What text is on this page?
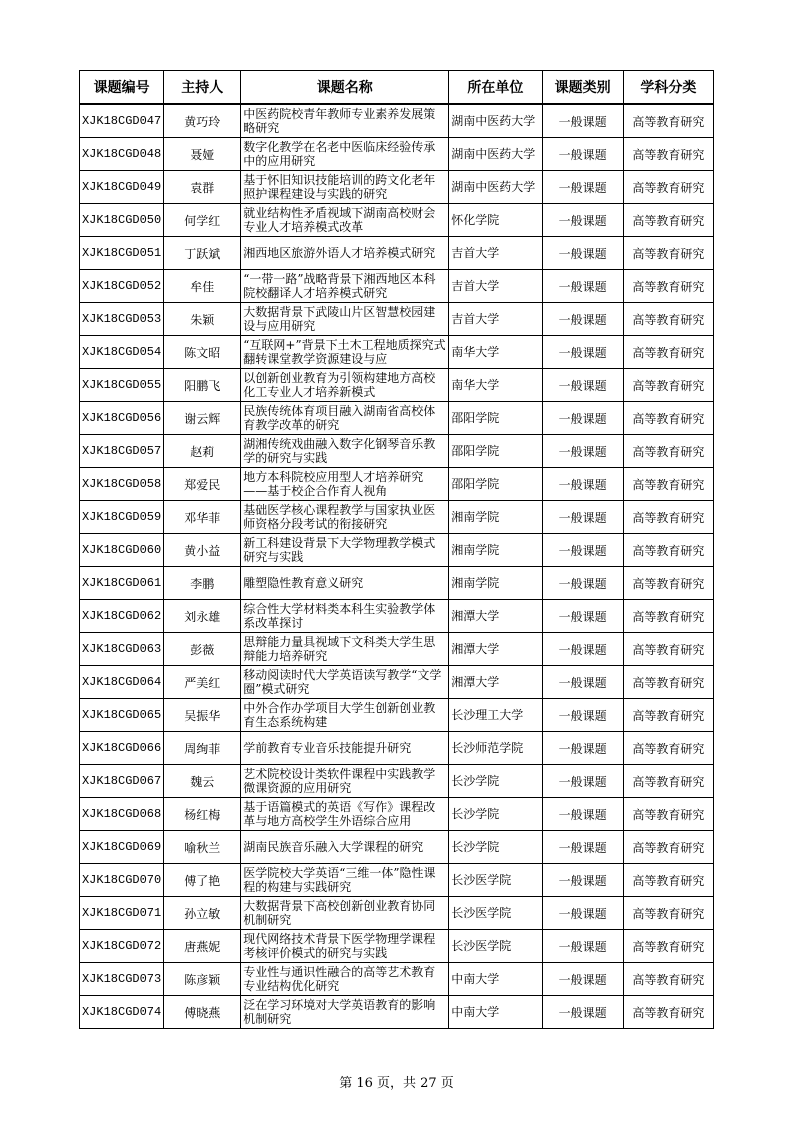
课题编号	主持人	课题名称	所在单位	课题类别	学科分类
XJK18CGD047	黄巧玲	中医药院校青年教师专业素养发展策略研究	湖南中医药大学	一般课题	高等教育研究
XJK18CGD048	聂娅	数字化教学在名老中医临床经验传承中的应用研究	湖南中医药大学	一般课题	高等教育研究
XJK18CGD049	袁群	基于怀旧知识技能培训的跨文化老年照护课程建设与实践的研究	湖南中医药大学	一般课题	高等教育研究
XJK18CGD050	何学红	就业结构性矛盾视域下湖南高校财会专业人才培养模式改革	怀化学院	一般课题	高等教育研究
XJK18CGD051	丁跃斌	湘西地区旅游外语人才培养模式研究	吉首大学	一般课题	高等教育研究
XJK18CGD052	牟佳	“一带一路”战略背景下湘西地区本科院校翻译人才培养模式研究	吉首大学	一般课题	高等教育研究
XJK18CGD053	朱颖	大数据背景下武陵山片区智慧校园建设与应用研究	吉首大学	一般课题	高等教育研究
XJK18CGD054	陈文昭	“互联网+”背景下土木工程地质探究式翻转课堂教学资源建设与应	南华大学	一般课题	高等教育研究
XJK18CGD055	阳鹏飞	以创新创业教育为引领构建地方高校化工专业人才培养新模式	南华大学	一般课题	高等教育研究
XJK18CGD056	谢云辉	民族传统体育项目融入湖南省高校体育教学改革的研究	邵阳学院	一般课题	高等教育研究
XJK18CGD057	赵莉	湖湘传统戏曲融入数字化钢琴音乐教学的研究与实践	邵阳学院	一般课题	高等教育研究
XJK18CGD058	郑爱民	地方本科院校应用型人才培养研究——基于校企合作育人视角	邵阳学院	一般课题	高等教育研究
XJK18CGD059	邓华菲	基础医学核心课程教学与国家执业医师资格分段考试的衔接研究	湘南学院	一般课题	高等教育研究
XJK18CGD060	黄小益	新工科建设背景下大学物理教学模式研究与实践	湘南学院	一般课题	高等教育研究
XJK18CGD061	李鹏	雕塑隐性教育意义研究	湘南学院	一般课题	高等教育研究
XJK18CGD062	刘永雄	综合性大学材料类本科生实验教学体系改革探讨	湘潭大学	一般课题	高等教育研究
XJK18CGD063	彭薇	思辩能力量具视域下文科类大学生思辩能力培养研究	湘潭大学	一般课题	高等教育研究
XJK18CGD064	严美红	移动阅读时代大学英语读写教学“文学圈”模式研究	湘潭大学	一般课题	高等教育研究
XJK18CGD065	吴振华	中外合作办学项目大学生创新创业教育生态系统构建	长沙理工大学	一般课题	高等教育研究
XJK18CGD066	周绚菲	学前教育专业音乐技能提升研究	长沙师范学院	一般课题	高等教育研究
XJK18CGD067	魏云	艺术院校设计类软件课程中实践教学微课资源的应用研究	长沙学院	一般课题	高等教育研究
XJK18CGD068	杨红梅	基于语篇模式的英语《写作》课程改革与地方高校学生外语综合应用	长沙学院	一般课题	高等教育研究
XJK18CGD069	喻秋兰	湖南民族音乐融入大学课程的研究	长沙学院	一般课题	高等教育研究
XJK18CGD070	傅了艳	医学院校大学英语“三维一体”隐性课程的构建与实践研究	长沙医学院	一般课题	高等教育研究
XJK18CGD071	孙立敏	大数据背景下高校创新创业教育协同机制研究	长沙医学院	一般课题	高等教育研究
XJK18CGD072	唐燕妮	现代网络技术背景下医学物理学课程考核评价模式的研究与实践	长沙医学院	一般课题	高等教育研究
XJK18CGD073	陈彦颖	专业性与通识性融合的高等艺术教育专业结构优化研究	中南大学	一般课题	高等教育研究
XJK18CGD074	傅晓燕	泛在学习环境对大学英语教育的影响机制研究	中南大学	一般课题	高等教育研究
第 16 页，共 27 页
